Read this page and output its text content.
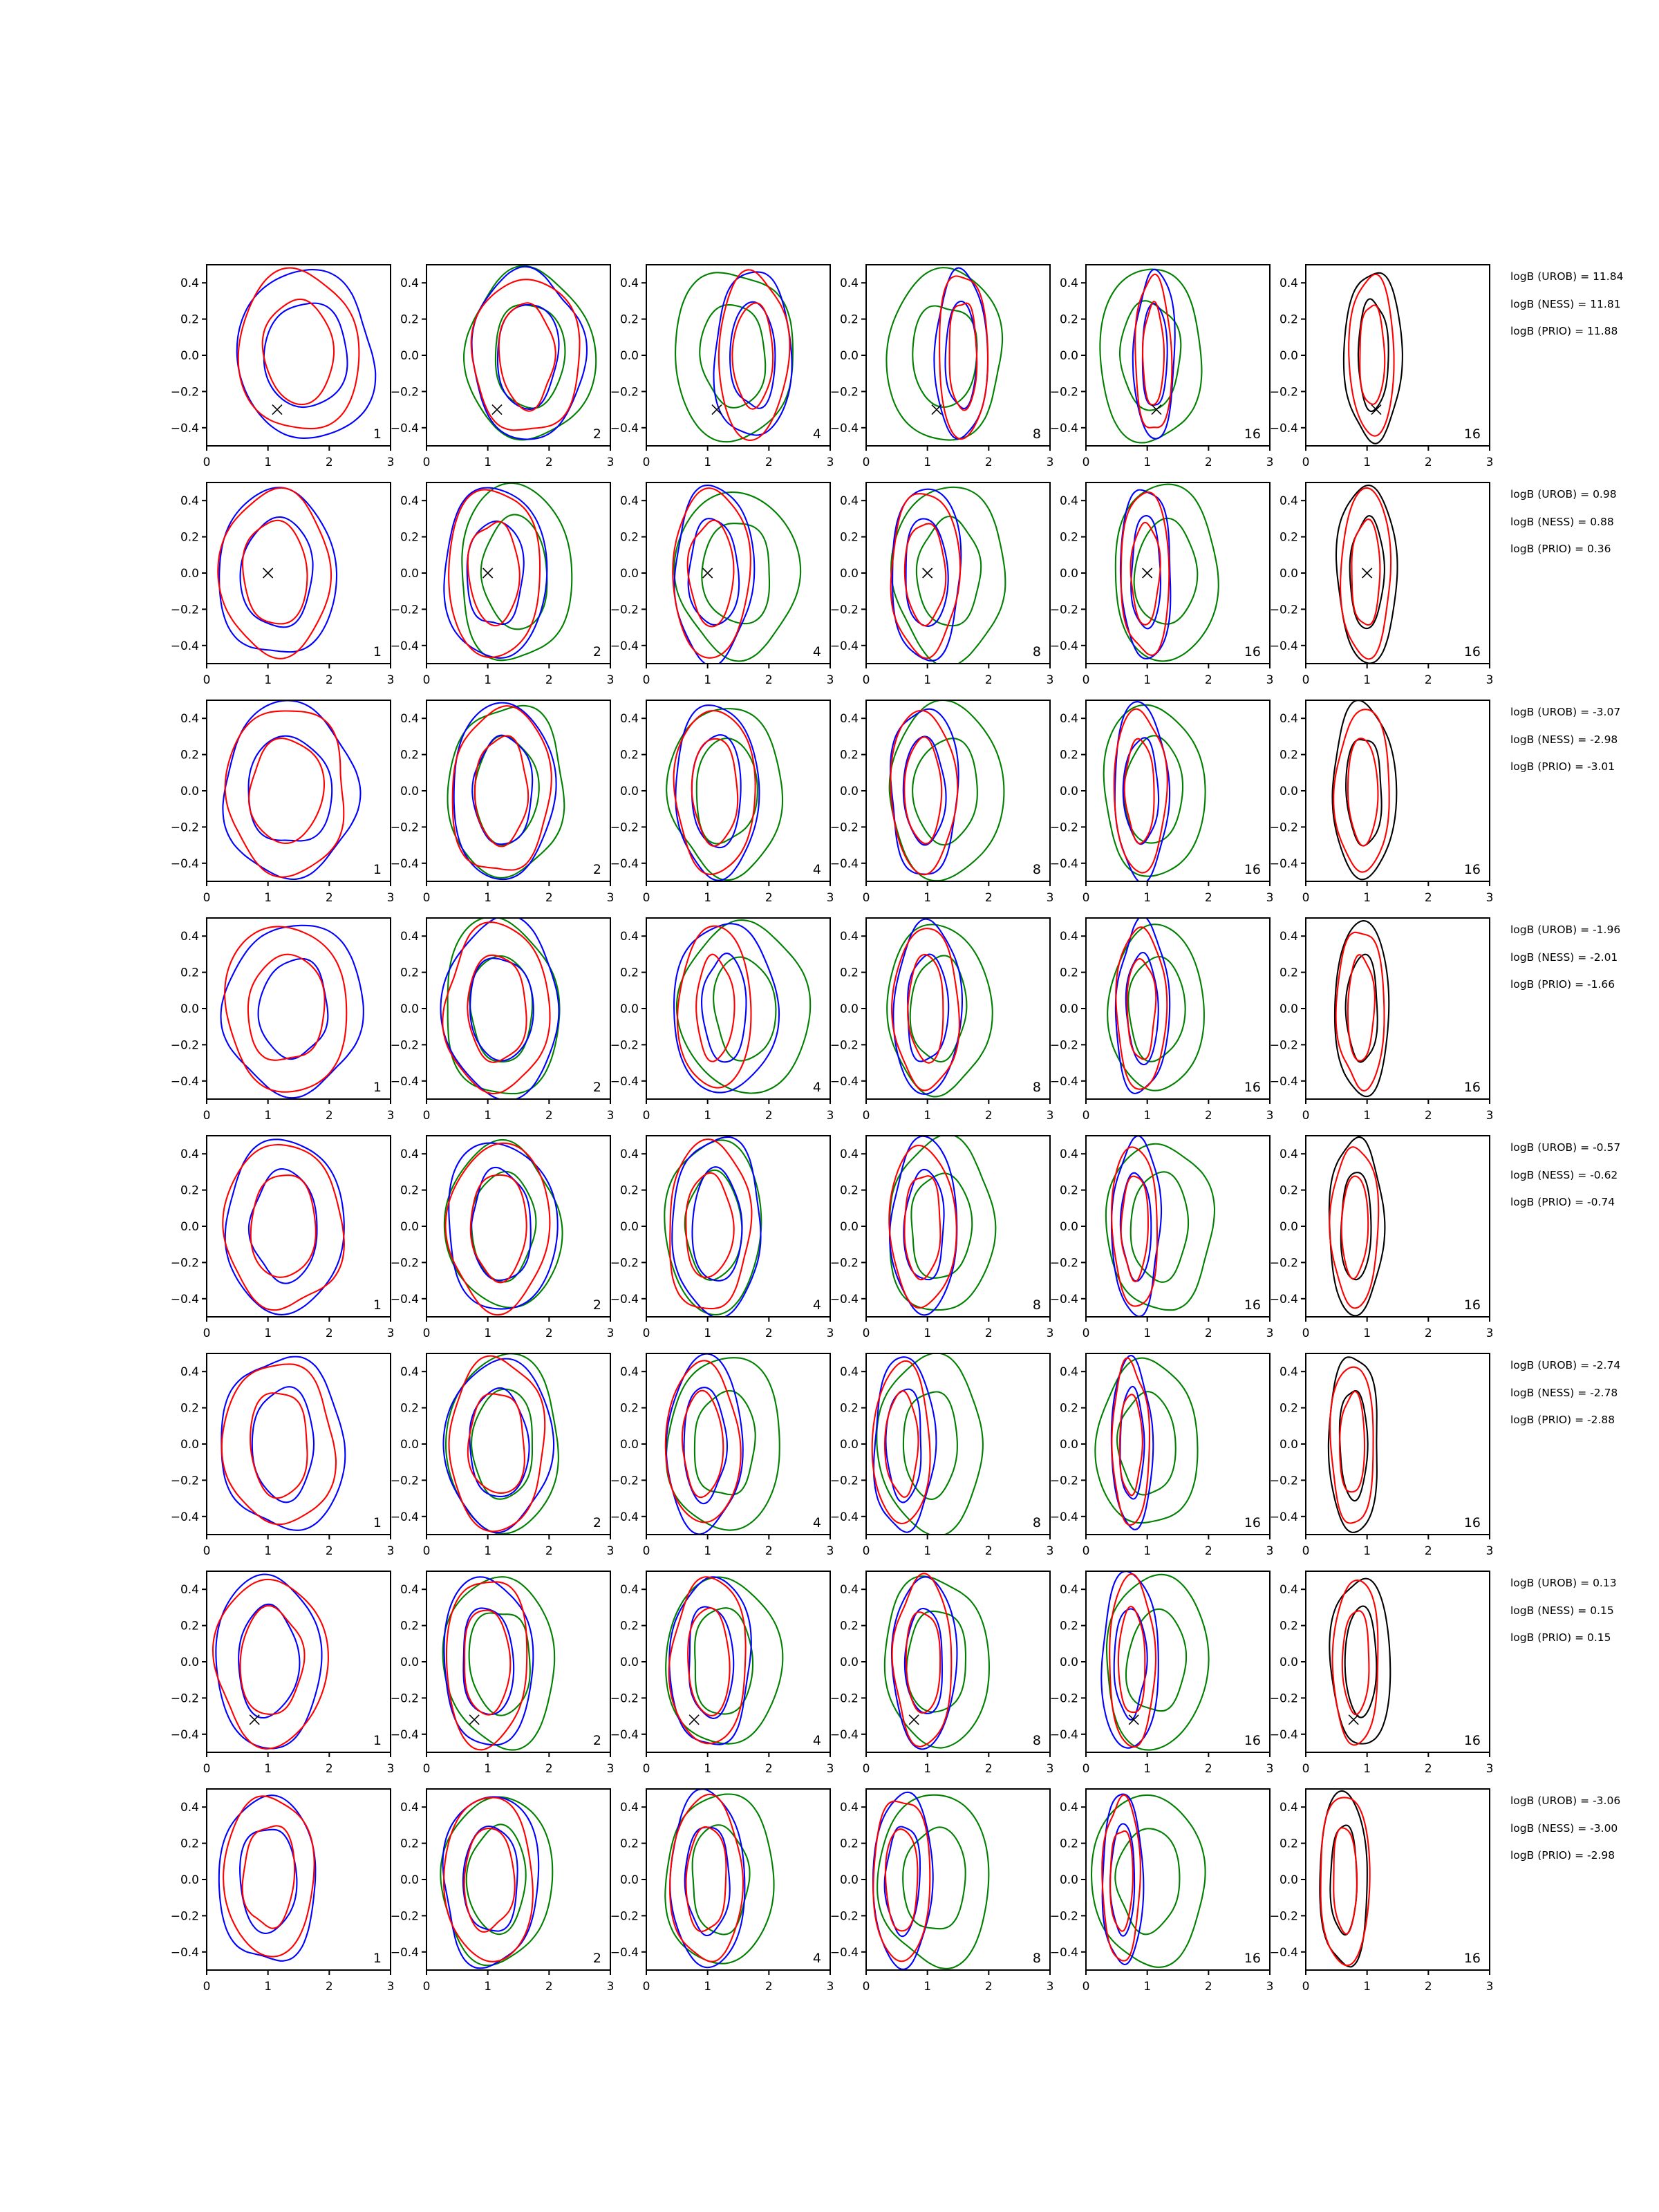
0	1	2	3
0.4
0.2
0.0
−0.2
−0.4	1
0	1	2	3
0.4
0.2
0.0
−0.2
−0.4	2
0	1	2	3
0.4
0.2
0.0
−0.2
−0.4	4
0	1	2	3
0.4
0.2
0.0
−0.2
−0.4	8
0	1	2	3
0.4
0.2
0.0
−0.2
−0.4	16
0	1	2	3
0.4
0.2
0.0
−0.2
−0.4	16
logB (UROB) = 11.84
logB (NESS) = 11.81
logB (PRIO) = 11.88
0	1	2	3
0.4
0.2
0.0
−0.2
−0.4	1
0	1	2	3
0.4
0.2
0.0
−0.2
−0.4	2
0	1	2	3
0.4
0.2
0.0
−0.2
−0.4	4
0	1	2	3
0.4
0.2
0.0
−0.2
−0.4	8
0	1	2	3
0.4
0.2
0.0
−0.2
−0.4	16
0	1	2	3
0.4
0.2
0.0
−0.2
−0.4	16
logB (UROB) = 0.98
logB (NESS) = 0.88
logB (PRIO) = 0.36
0	1	2	3
0.4
0.2
0.0
−0.2
−0.4	1
0	1	2	3
0.4
0.2
0.0
−0.2
−0.4	2
0	1	2	3
0.4
0.2
0.0
−0.2
−0.4	4
0	1	2	3
0.4
0.2
0.0
−0.2
−0.4	8
0	1	2	3
0.4
0.2
0.0
−0.2
−0.4	16
0	1	2	3
0.4
0.2
0.0
−0.2
−0.4	16
logB (UROB) = -3.07
logB (NESS) = -2.98
logB (PRIO) = -3.01
0	1	2	3
0.4
0.2
0.0
−0.2
−0.4	1
0	1	2	3
0.4
0.2
0.0
−0.2
−0.4	2
0	1	2	3
0.4
0.2
0.0
−0.2
−0.4	4
0	1	2	3
0.4
0.2
0.0
−0.2
−0.4	8
0	1	2	3
0.4
0.2
0.0
−0.2
−0.4	16
0	1	2	3
0.4
0.2
0.0
−0.2
−0.4	16
logB (UROB) = -1.96
logB (NESS) = -2.01
logB (PRIO) = -1.66
0	1	2	3
0.4
0.2
0.0
−0.2
−0.4	1
0	1	2	3
0.4
0.2
0.0
−0.2
−0.4	2
0	1	2	3
0.4
0.2
0.0
−0.2
−0.4	4
0	1	2	3
0.4
0.2
0.0
−0.2
−0.4	8
0	1	2	3
0.4
0.2
0.0
−0.2
−0.4	16
0	1	2	3
0.4
0.2
0.0
−0.2
−0.4	16
logB (UROB) = -0.57
logB (NESS) = -0.62
logB (PRIO) = -0.74
0	1	2	3
0.4
0.2
0.0
−0.2
−0.4	1
0	1	2	3
0.4
0.2
0.0
−0.2
−0.4	2
0	1	2	3
0.4
0.2
0.0
−0.2
−0.4	4
0	1	2	3
0.4
0.2
0.0
−0.2
−0.4	8
0	1	2	3
0.4
0.2
0.0
−0.2
−0.4	16
0	1	2	3
0.4
0.2
0.0
−0.2
−0.4	16
logB (UROB) = -2.74
logB (NESS) = -2.78
logB (PRIO) = -2.88
0	1	2	3
0.4
0.2
0.0
−0.2
−0.4	1
0	1	2	3
0.4
0.2
0.0
−0.2
−0.4	2
0	1	2	3
0.4
0.2
0.0
−0.2
−0.4	4
0	1	2	3
0.4
0.2
0.0
−0.2
−0.4	8
0	1	2	3
0.4
0.2
0.0
−0.2
−0.4	16
0	1	2	3
0.4
0.2
0.0
−0.2
−0.4	16
logB (UROB) = 0.13
logB (NESS) = 0.15
logB (PRIO) = 0.15
0	1	2	3
0.4
0.2
0.0
−0.2
−0.4	1
0	1	2	3
0.4
0.2
0.0
−0.2
−0.4	2
0	1	2	3
0.4
0.2
0.0
−0.2
−0.4	4
0	1	2	3
0.4
0.2
0.0
−0.2
−0.4	8
0	1	2	3
0.4
0.2
0.0
−0.2
−0.4	16
0	1	2	3
0.4
0.2
0.0
−0.2
−0.4	16
logB (UROB) = -3.06
logB (NESS) = -3.00
logB (PRIO) = -2.98
